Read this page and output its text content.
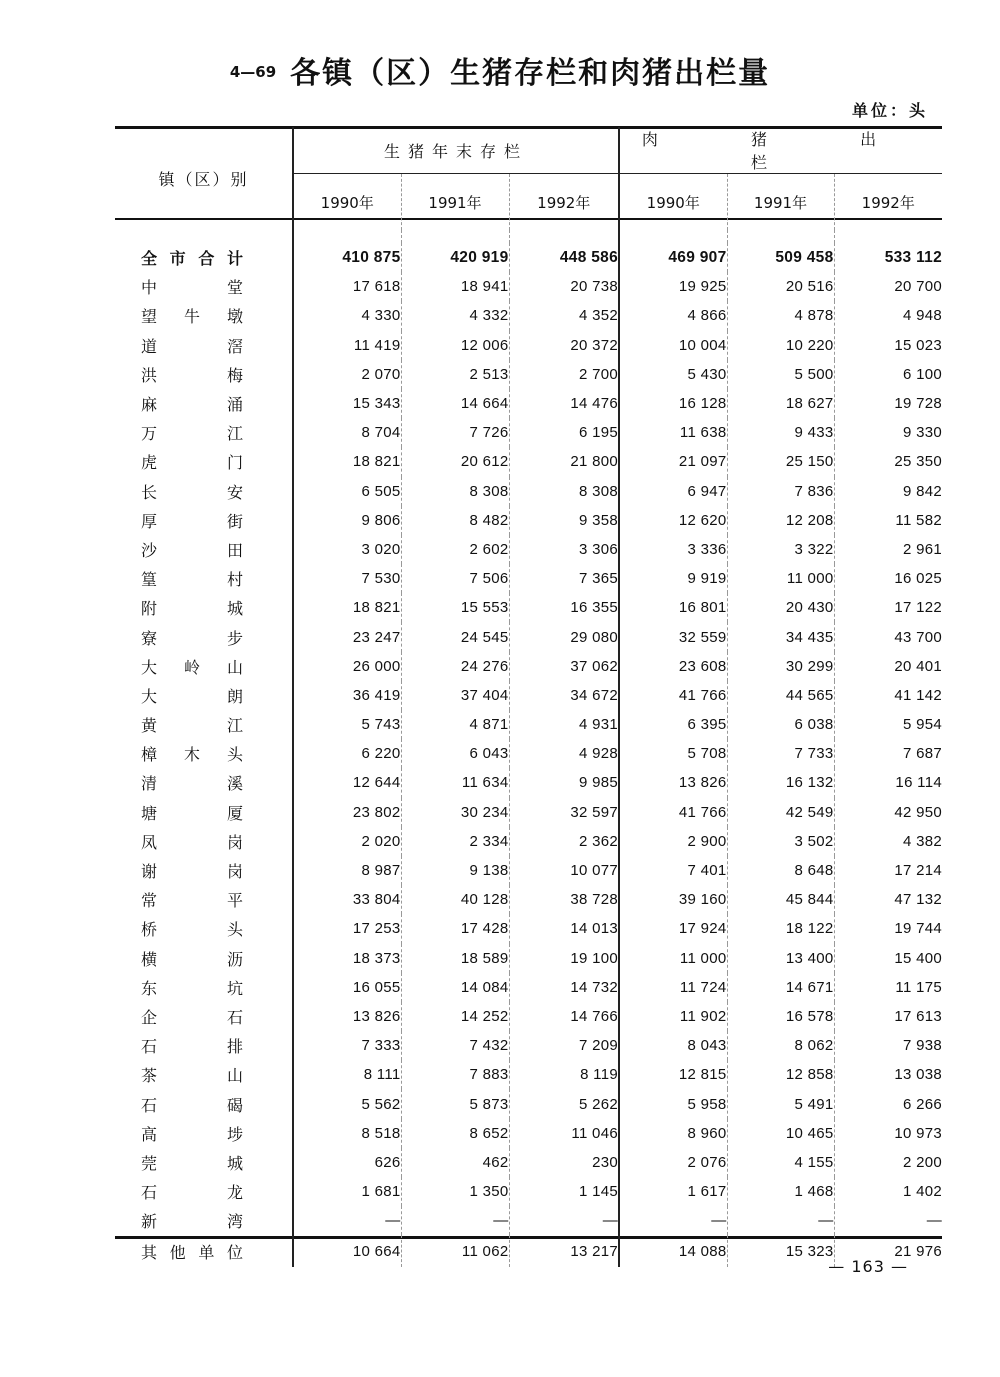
4—69 各镇（区）生猪存栏和肉猪出栏量
单位：头
镇（区）别	生猪年末存栏			肉 猪 出 栏		
	1990年	1991年	1992年	1990年	1991年	1992年

全 市 合 计	410 875	420 919	448 586	469 907	509 458	533 112

中 堂	17 618	18 941	20 738	19 925	20 516	20 700

望 牛 墩	4 330	4 332	4 352	4 866	4 878	4 948

道 滘	11 419	12 006	20 372	10 004	10 220	15 023

洪 梅	2 070	2 513	2 700	5 430	5 500	6 100

麻 涌	15 343	14 664	14 476	16 128	18 627	19 728

万 江	8 704	7 726	6 195	11 638	9 433	9 330

虎 门	18 821	20 612	21 800	21 097	25 150	25 350

长 安	6 505	8 308	8 308	6 947	7 836	9 842

厚 街	9 806	8 482	9 358	12 620	12 208	11 582

沙 田	3 020	2 602	3 306	3 336	3 322	2 961

篁 村	7 530	7 506	7 365	9 919	11 000	16 025

附 城	18 821	15 553	16 355	16 801	20 430	17 122

寮 步	23 247	24 545	29 080	32 559	34 435	43 700

大 岭 山	26 000	24 276	37 062	23 608	30 299	20 401

大 朗	36 419	37 404	34 672	41 766	44 565	41 142

黄 江	5 743	4 871	4 931	6 395	6 038	5 954

樟 木 头	6 220	6 043	4 928	5 708	7 733	7 687

清 溪	12 644	11 634	9 985	13 826	16 132	16 114

塘 厦	23 802	30 234	32 597	41 766	42 549	42 950

凤 岗	2 020	2 334	2 362	2 900	3 502	4 382

谢 岗	8 987	9 138	10 077	7 401	8 648	17 214

常 平	33 804	40 128	38 728	39 160	45 844	47 132

桥 头	17 253	17 428	14 013	17 924	18 122	19 744

横 沥	18 373	18 589	19 100	11 000	13 400	15 400

东 坑	16 055	14 084	14 732	11 724	14 671	11 175

企 石	13 826	14 252	14 766	11 902	16 578	17 613

石 排	7 333	7 432	7 209	8 043	8 062	7 938

茶 山	8 111	7 883	8 119	12 815	12 858	13 038

石 碣	5 562	5 873	5 262	5 958	5 491	6 266

高 埗	8 518	8 652	11 046	8 960	10 465	10 973

莞 城	626	462	230	2 076	4 155	2 200

石 龙	1 681	1 350	1 145	1 617	1 468	1 402

新 湾	—	—	—	—	—	—

其 他 单 位	10 664	11 062	13 217	14 088	15 323	21 976
— 163 —
